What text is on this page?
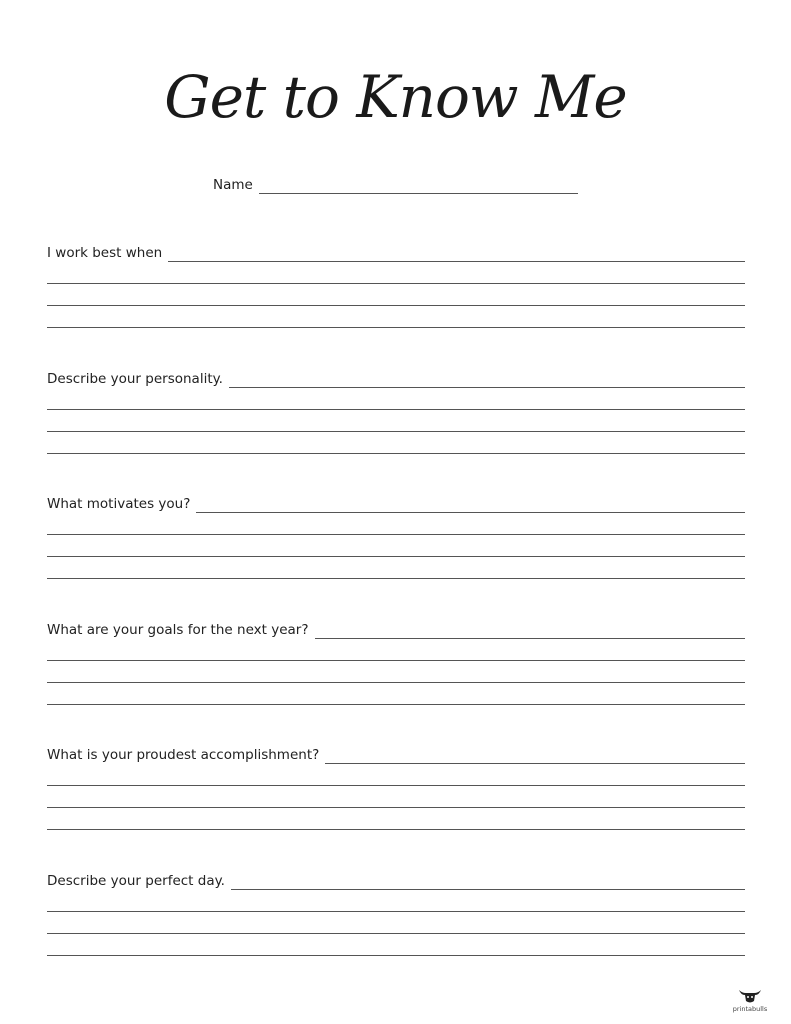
Get to Know Me
Name
I work best when
Describe your personality.
What motivates you?
What are your goals for the next year?
What is your proudest accomplishment?
Describe your perfect day.
printabulls
